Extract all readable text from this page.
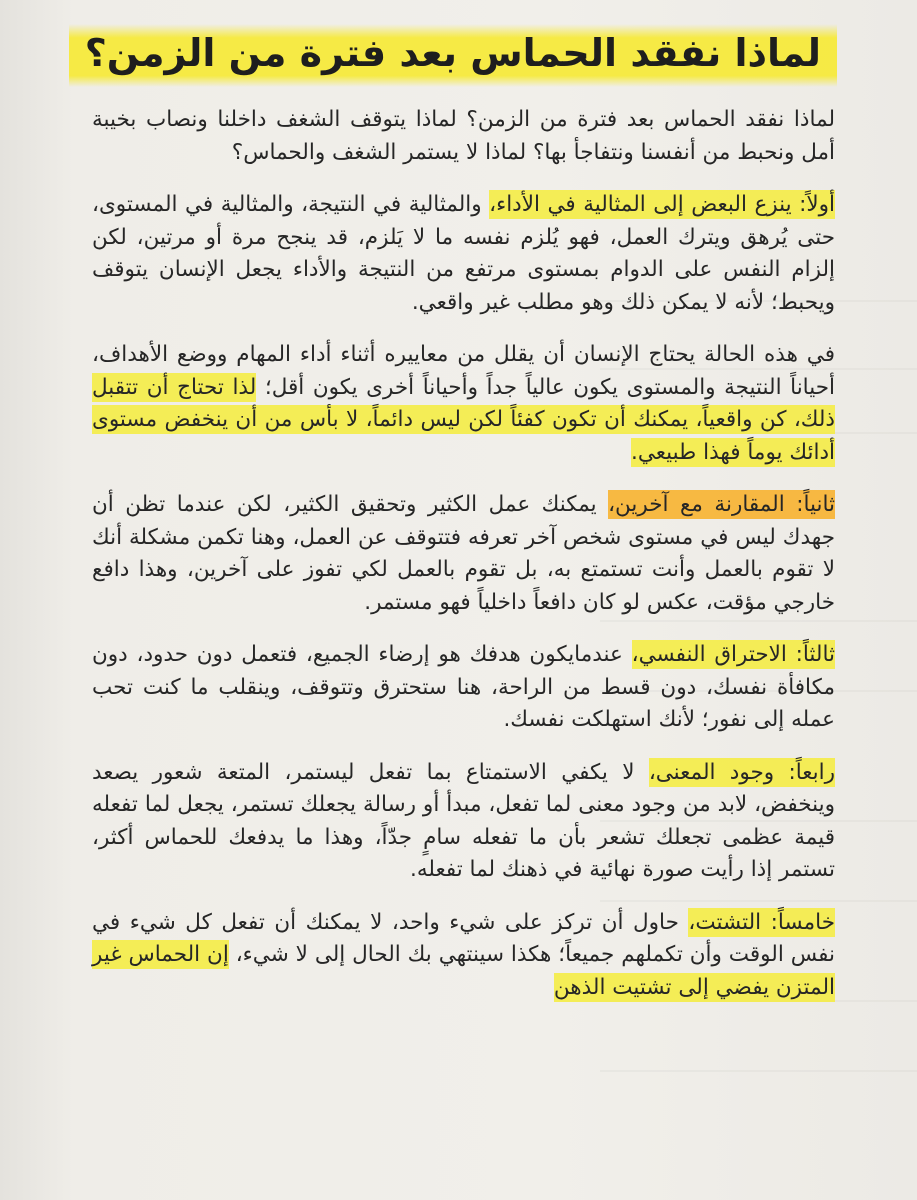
لماذا نفقد الحماس بعد فترة من الزمن؟

لماذا نفقد الحماس بعد فترة من الزمن؟ لماذا يتوقف الشغف داخلنا ونصاب بخيبة أمل ونحبط من أنفسنا ونتفاجأ بها؟ لماذا لا يستمر الشغف والحماس؟

أولاً: ينزع البعض إلى المثالية في الأداء، والمثالية في النتيجة، والمثالية في المستوى، حتى يُرهق ويترك العمل، فهو يُلزم نفسه ما لا يَلزم، قد ينجح مرة أو مرتين، لكن إلزام النفس على الدوام بمستوى مرتفع من النتيجة والأداء يجعل الإنسان يتوقف ويحبط؛ لأنه لا يمكن ذلك وهو مطلب غير واقعي.

في هذه الحالة يحتاج الإنسان أن يقلل من معاييره أثناء أداء المهام ووضع الأهداف، أحياناً النتيجة والمستوى يكون عالياً جداً وأحياناً أخرى يكون أقل؛ لذا تحتاج أن تتقبل ذلك، كن واقعياً، يمكنك أن تكون كفئاً لكن ليس دائماً، لا بأس من أن ينخفض مستوى أدائك يوماً فهذا طبيعي.

ثانياً: المقارنة مع آخرين، يمكنك عمل الكثير وتحقيق الكثير، لكن عندما تظن أن جهدك ليس في مستوى شخص آخر تعرفه فتتوقف عن العمل، وهنا تكمن مشكلة أنك لا تقوم بالعمل وأنت تستمتع به، بل تقوم بالعمل لكي تفوز على آخرين، وهذا دافع خارجي مؤقت، عكس لو كان دافعاً داخلياً فهو مستمر.

ثالثاً: الاحتراق النفسي، عندمايكون هدفك هو إرضاء الجميع، فتعمل دون حدود، دون مكافأة نفسك، دون قسط من الراحة، هنا ستحترق وتتوقف، وينقلب ما كنت تحب عمله إلى نفور؛ لأنك استهلكت نفسك.

رابعاً: وجود المعنى، لا يكفي الاستمتاع بما تفعل ليستمر، المتعة شعور يصعد وينخفض، لابد من وجود معنى لما تفعل، مبدأ أو رسالة يجعلك تستمر، يجعل لما تفعله قيمة عظمى تجعلك تشعر بأن ما تفعله سامٍ جدّاً، وهذا ما يدفعك للحماس أكثر، تستمر إذا رأيت صورة نهائية في ذهنك لما تفعله.

خامساً: التشتت، حاول أن تركز على شيء واحد، لا يمكنك أن تفعل كل شيء في نفس الوقت وأن تكملهم جميعاً؛ هكذا سينتهي بك الحال إلى لا شيء، إن الحماس غير المتزن يفضي إلى تشتيت الذهن
